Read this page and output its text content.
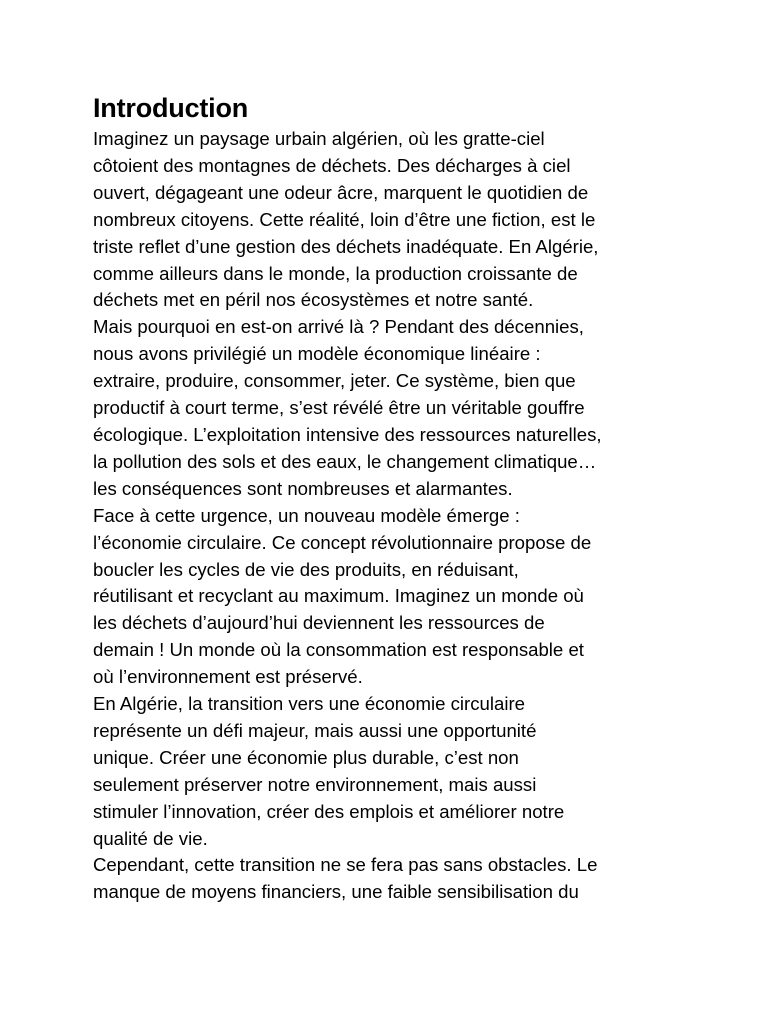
Introduction
Imaginez un paysage urbain algérien, où les gratte-ciel
côtoient des montagnes de déchets. Des décharges à ciel
ouvert, dégageant une odeur âcre, marquent le quotidien de
nombreux citoyens. Cette réalité, loin d’être une fiction, est le
triste reflet d’une gestion des déchets inadéquate. En Algérie,
comme ailleurs dans le monde, la production croissante de
déchets met en péril nos écosystèmes et notre santé.
Mais pourquoi en est-on arrivé là ? Pendant des décennies,
nous avons privilégié un modèle économique linéaire :
extraire, produire, consommer, jeter. Ce système, bien que
productif à court terme, s’est révélé être un véritable gouffre
écologique. L’exploitation intensive des ressources naturelles,
la pollution des sols et des eaux, le changement climatique…
les conséquences sont nombreuses et alarmantes.
Face à cette urgence, un nouveau modèle émerge :
l’économie circulaire. Ce concept révolutionnaire propose de
boucler les cycles de vie des produits, en réduisant,
réutilisant et recyclant au maximum. Imaginez un monde où
les déchets d’aujourd’hui deviennent les ressources de
demain ! Un monde où la consommation est responsable et
où l’environnement est préservé.
En Algérie, la transition vers une économie circulaire
représente un défi majeur, mais aussi une opportunité
unique. Créer une économie plus durable, c’est non
seulement préserver notre environnement, mais aussi
stimuler l’innovation, créer des emplois et améliorer notre
qualité de vie.
Cependant, cette transition ne se fera pas sans obstacles. Le
manque de moyens financiers, une faible sensibilisation du
